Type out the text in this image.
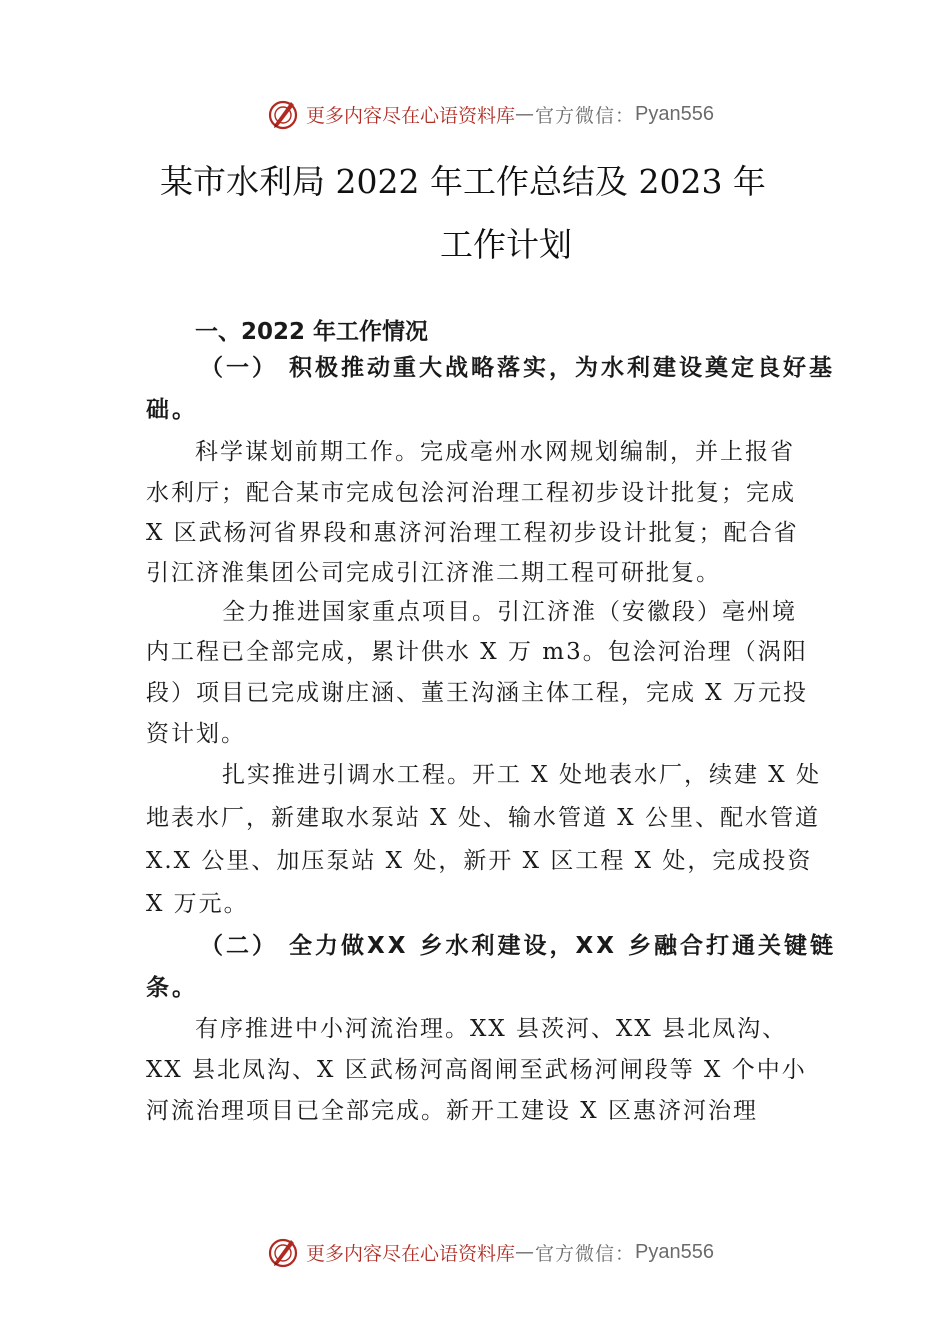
更多内容尽在心语资料库 — 官方微信： Pyan556
某市水利局 2022 年工作总结及 2023 年
工作计划
一、2022 年工作情况
（一） 积极推动重大战略落实，为水利建设奠定良好基
础。
科学谋划前期工作。完成亳州水网规划编制，并上报省
水利厅；配合某市完成包浍河治理工程初步设计批复；完成
X 区武杨河省界段和惠济河治理工程初步设计批复；配合省
引江济淮集团公司完成引江济淮二期工程可研批复。
全力推进国家重点项目。引江济淮（安徽段）亳州境
内工程已全部完成，累计供水 X 万 m3。包浍河治理（涡阳
段）项目已完成谢庄涵、董王沟涵主体工程，完成 X 万元投
资计划。
扎实推进引调水工程。开工 X 处地表水厂，续建 X 处
地表水厂，新建取水泵站 X 处、输水管道 X 公里、配水管道
X.X 公里、加压泵站 X 处，新开 X 区工程 X 处，完成投资
X 万元。
（二） 全力做XX 乡水利建设，XX 乡融合打通关键链
条。
有序推进中小河流治理。XX 县茨河、XX 县北凤沟、
XX 县北凤沟、X 区武杨河高阁闸至武杨河闸段等 X 个中小
河流治理项目已全部完成。新开工建设 X 区惠济河治理
更多内容尽在心语资料库 — 官方微信： Pyan556
